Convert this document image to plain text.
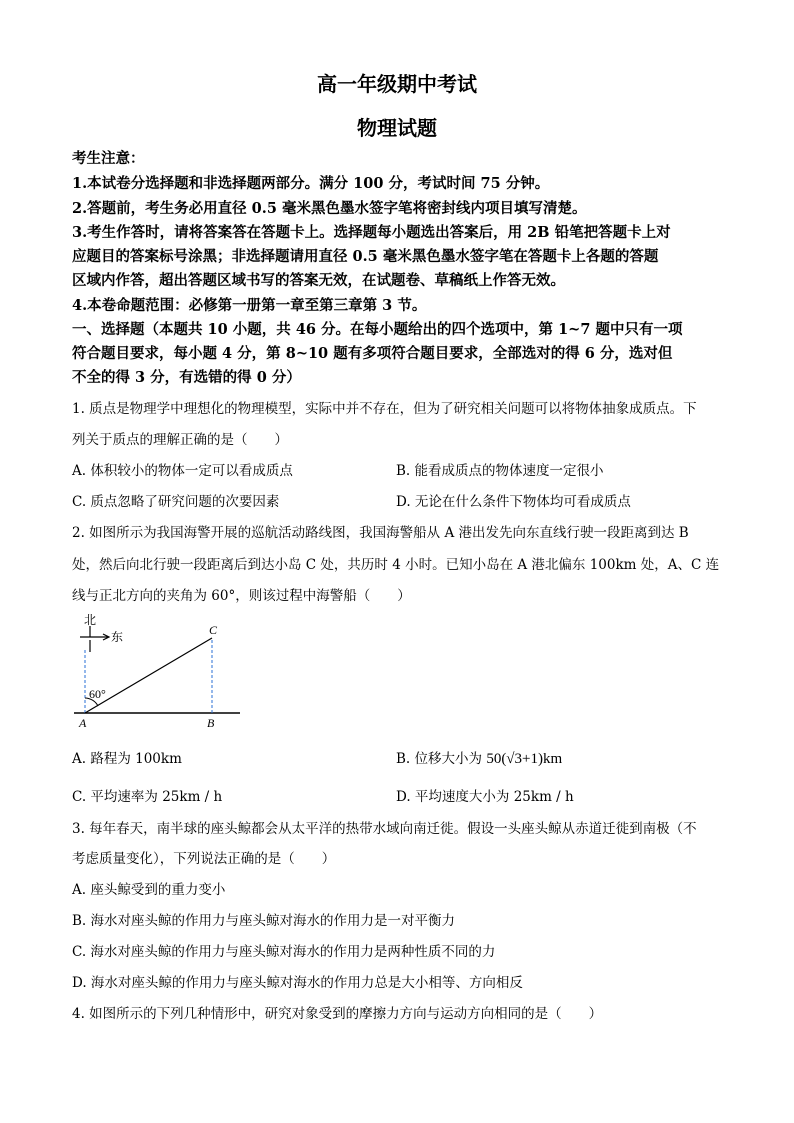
高一年级期中考试
物理试题
考生注意：
1.本试卷分选择题和非选择题两部分。满分 100 分，考试时间 75 分钟。
2.答题前，考生务必用直径 0.5 毫米黑色墨水签字笔将密封线内项目填写清楚。
3.考生作答时，请将答案答在答题卡上。选择题每小题选出答案后，用 2B 铅笔把答题卡上对
应题目的答案标号涂黑；非选择题请用直径 0.5 毫米黑色墨水签字笔在答题卡上各题的答题
区域内作答，超出答题区域书写的答案无效，在试题卷、草稿纸上作答无效。
4.本卷命题范围：必修第一册第一章至第三章第 3 节。
一、选择题（本题共 10 小题，共 46 分。在每小题给出的四个选项中，第 1~7 题中只有一项
符合题目要求，每小题 4 分，第 8~10 题有多项符合题目要求，全部选对的得 6 分，选对但
不全的得 3 分，有选错的得 0 分）
1. 质点是物理学中理想化的物理模型，实际中并不存在，但为了研究相关问题可以将物体抽象成质点。下
列关于质点的理解正确的是（　　）
A. 体积较小的物体一定可以看成质点	B. 能看成质点的物体速度一定很小
C. 质点忽略了研究问题的次要因素	D. 无论在什么条件下物体均可看成质点
2. 如图所示为我国海警开展的巡航活动路线图，我国海警船从 A 港出发先向东直线行驶一段距离到达 B
处，然后向北行驶一段距离后到达小岛 C 处，共历时 4 小时。已知小岛在 A 港北偏东 100km 处，A、C 连
线与正北方向的夹角为 60°，则该过程中海警船（　　）
北
东
60°
A	B
C
A. 路程为 100km	B. 位移大小为 50(√3+1)km
C. 平均速率为 25km / h	D. 平均速度大小为 25km / h
3. 每年春天，南半球的座头鲸都会从太平洋的热带水域向南迁徙。假设一头座头鲸从赤道迁徙到南极（不
考虑质量变化），下列说法正确的是（　　）
A. 座头鲸受到的重力变小
B. 海水对座头鲸的作用力与座头鲸对海水的作用力是一对平衡力
C. 海水对座头鲸的作用力与座头鲸对海水的作用力是两种性质不同的力
D. 海水对座头鲸的作用力与座头鲸对海水的作用力总是大小相等、方向相反
4. 如图所示的下列几种情形中，研究对象受到的摩擦力方向与运动方向相同的是（　　）
